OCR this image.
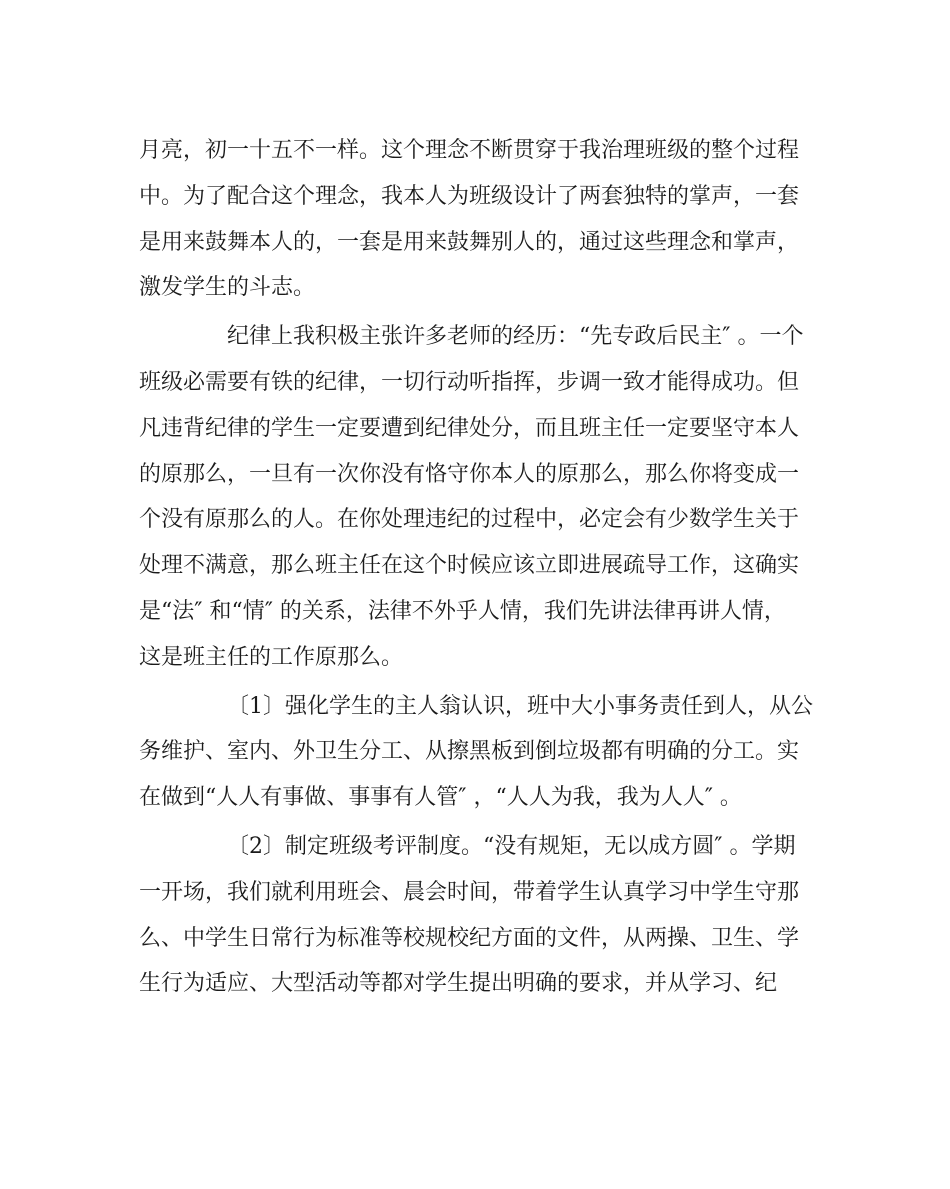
月亮，初一十五不一样。这个理念不断贯穿于我治理班级的整个过程
中。为了配合这个理念，我本人为班级设计了两套独特的掌声，一套
是用来鼓舞本人的，一套是用来鼓舞别人的，通过这些理念和掌声，
激发学生的斗志。
纪律上我积极主张许多老师的经历：“先专政后民主″ 。一个
班级必需要有铁的纪律，一切行动听指挥，步调一致才能得成功。但
凡违背纪律的学生一定要遭到纪律处分，而且班主任一定要坚守本人
的原那么，一旦有一次你没有恪守你本人的原那么，那么你将变成一
个没有原那么的人。在你处理违纪的过程中，必定会有少数学生关于
处理不满意，那么班主任在这个时候应该立即进展疏导工作，这确实
是“法″ 和“情″ 的关系，法律不外乎人情，我们先讲法律再讲人情，
这是班主任的工作原那么。
〔1〕强化学生的主人翁认识，班中大小事务责任到人，从公
务维护、室内、外卫生分工、从擦黑板到倒垃圾都有明确的分工。实
在做到“人人有事做、事事有人管″ ，“人人为我，我为人人″ 。
〔2〕制定班级考评制度。“没有规矩，无以成方圆″ 。学期
一开场，我们就利用班会、晨会时间，带着学生认真学习中学生守那
么、中学生日常行为标准等校规校纪方面的文件，从两操、卫生、学
生行为适应、大型活动等都对学生提出明确的要求，并从学习、纪
